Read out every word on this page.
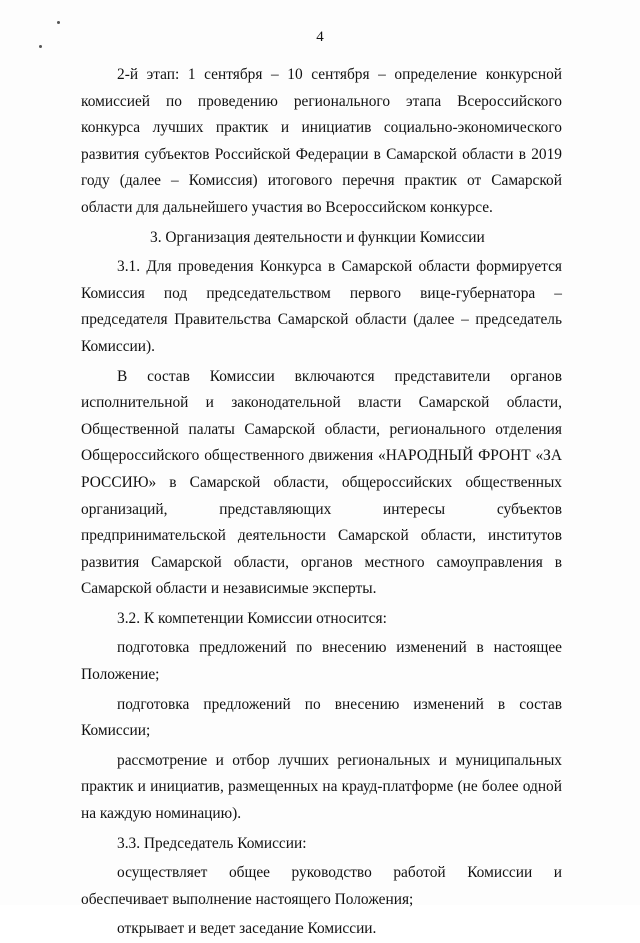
4

2-й этап: 1 сентября – 10 сентября – определение конкурсной комиссией по проведению регионального этапа Всероссийского конкурса лучших практик и инициатив социально-экономического развития субъектов Российской Федерации в Самарской области в 2019 году (далее – Комиссия) итогового перечня практик от Самарской области для дальнейшего участия во Всероссийском конкурсе.

3. Организация деятельности и функции Комиссии

3.1. Для проведения Конкурса в Самарской области формируется Комиссия под председательством первого вице-губернатора – председателя Правительства Самарской области (далее – председатель Комиссии).

В состав Комиссии включаются представители органов исполнительной и законодательной власти Самарской области, Общественной палаты Самарской области, регионального отделения Общероссийского общественного движения «НАРОДНЫЙ ФРОНТ «ЗА РОССИЮ» в Самарской области, общероссийских общественных организаций, представляющих интересы субъектов предпринимательской деятельности Самарской области, институтов развития Самарской области, органов местного самоуправления в Самарской области и независимые эксперты.

3.2. К компетенции Комиссии относится:

подготовка предложений по внесению изменений в настоящее Положение;

подготовка предложений по внесению изменений в состав Комиссии;

рассмотрение и отбор лучших региональных и муниципальных практик и инициатив, размещенных на крауд-платформе (не более одной на каждую номинацию).

3.3. Председатель Комиссии:

осуществляет общее руководство работой Комиссии и обеспечивает выполнение настоящего Положения;

открывает и ведет заседание Комиссии.
